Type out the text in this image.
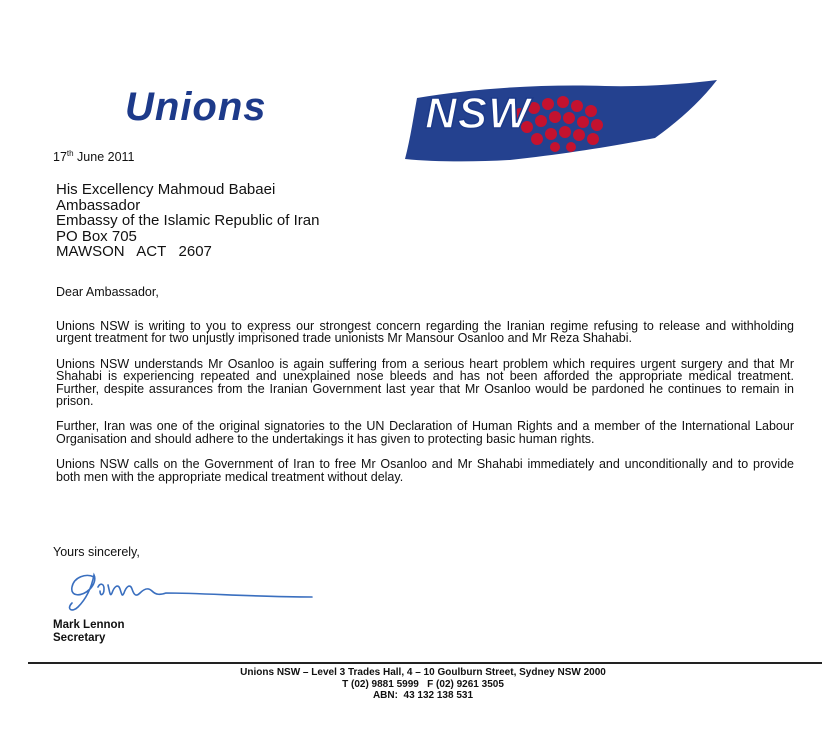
Unions	NSW
17th June 2011
His Excellency Mahmoud Babaei
Ambassador
Embassy of the Islamic Republic of Iran
PO Box 705
MAWSON   ACT   2607
Dear Ambassador,

Unions NSW is writing to you to express our strongest concern regarding the Iranian regime refusing to release and withholding urgent treatment for two unjustly imprisoned trade unionists Mr Mansour Osanloo and Mr Reza Shahabi.

Unions NSW understands Mr Osanloo is again suffering from a serious heart problem which requires urgent surgery and that Mr Shahabi is experiencing repeated and unexplained nose bleeds and has not been afforded the appropriate medical treatment. Further, despite assurances from the Iranian Government last year that Mr Osanloo would be pardoned he continues to remain in prison.

Further, Iran was one of the original signatories to the UN Declaration of Human Rights and a member of the International Labour Organisation and should adhere to the undertakings it has given to protecting basic human rights.

Unions NSW calls on the Government of Iran to free Mr Osanloo and Mr Shahabi immediately and unconditionally and to provide both men with the appropriate medical treatment without delay.

Yours sincerely,
Mark Lennon
Secretary
Unions NSW – Level 3 Trades Hall, 4 – 10 Goulburn Street, Sydney NSW 2000
T (02) 9881 5999   F (02) 9261 3505
ABN:  43 132 138 531
